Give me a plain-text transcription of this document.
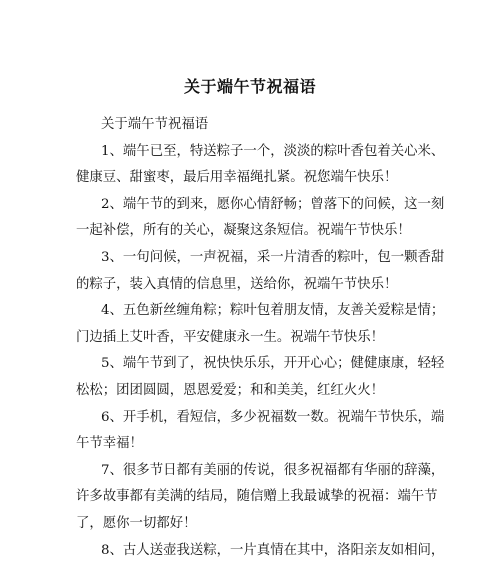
关于端午节祝福语
关于端午节祝福语
1、端午已至，特送粽子一个，淡淡的粽叶香包着关心米、
健康豆、甜蜜枣，最后用幸福绳扎紧。祝您端午快乐！
2、端午节的到来，愿你心情舒畅；曾落下的问候，这一刻
一起补偿，所有的关心，凝聚这条短信。祝端午节快乐！
3、一句问候，一声祝福，采一片清香的粽叶，包一颗香甜
的粽子，装入真情的信息里，送给你，祝端午节快乐！
4、五色新丝缠角粽；粽叶包着朋友情，友善关爱粽是情；
门边插上艾叶香，平安健康永一生。祝端午节快乐！
5、端午节到了，祝快快乐乐，开开心心；健健康康，轻轻
松松；团团圆圆，恩恩爱爱；和和美美，红红火火！
6、开手机，看短信，多少祝福数一数。祝端午节快乐，端
午节幸福！
7、很多节日都有美丽的传说，很多祝福都有华丽的辞藻，
许多故事都有美满的结局，随信赠上我最诚挚的祝福：端午节
了，愿你一切都好！
8、古人送壶我送粽，一片真情在其中，洛阳亲友如相问，
